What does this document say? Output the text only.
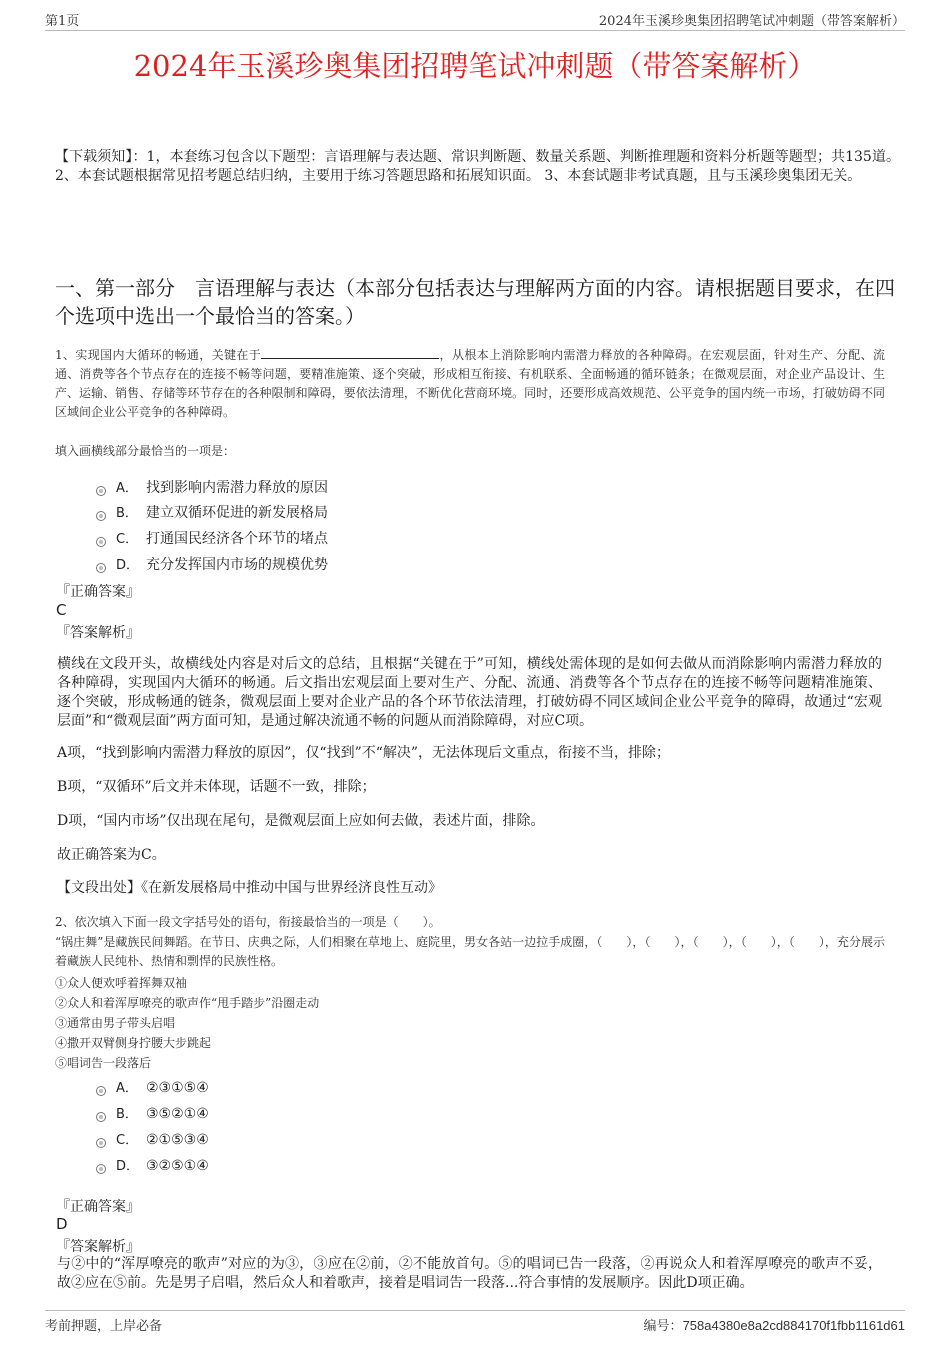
第1页	2024年玉溪珍奥集团招聘笔试冲刺题（带答案解析）
2024年玉溪珍奥集团招聘笔试冲刺题（带答案解析）
【下载须知】：1，本套练习包含以下题型：言语理解与表达题、常识判断题、数量关系题、判断推理题和资料分析题等题型；共135道。 2、本套试题根据常见招考题总结归纳，主要用于练习答题思路和拓展知识面。 3、本套试题非考试真题，且与玉溪珍奥集团无关。
一、第一部分　言语理解与表达（本部分包括表达与理解两方面的内容。请根据题目要求，在四个选项中选出一个最恰当的答案。）
1、实现国内大循环的畅通，关键在于	，从根本上消除影响内需潜力释放的各种障碍。在宏观层面，针对生产、分配、流通、消费等各个节点存在的连接不畅等问题，要精准施策、逐个突破，形成相互衔接、有机联系、全面畅通的循环链条；在微观层面，对企业产品设计、生产、运输、销售、存储等环节存在的各种限制和障碍，要依法清理，不断优化营商环境。同时，还要形成高效规范、公平竞争的国内统一市场，打破妨碍不同区域间企业公平竞争的各种障碍。
填入画横线部分最恰当的一项是：
A． 找到影响内需潜力释放的原因
B． 建立双循环促进的新发展格局
C． 打通国民经济各个环节的堵点
D． 充分发挥国内市场的规模优势
『正确答案』
C
『答案解析』
横线在文段开头，故横线处内容是对后文的总结，且根据“关键在于”可知，横线处需体现的是如何去做从而消除影响内需潜力释放的各种障碍，实现国内大循环的畅通。后文指出宏观层面上要对生产、分配、流通、消费等各个节点存在的连接不畅等问题精准施策、逐个突破，形成畅通的链条，微观层面上要对企业产品的各个环节依法清理，打破妨碍不同区域间企业公平竞争的障碍，故通过“宏观层面”和“微观层面”两方面可知，是通过解决流通不畅的问题从而消除障碍，对应C项。
A项，“找到影响内需潜力释放的原因”，仅“找到”不“解决”，无法体现后文重点，衔接不当，排除；
B项，“双循环”后文并未体现，话题不一致，排除；
D项，“国内市场”仅出现在尾句，是微观层面上应如何去做，表述片面，排除。
故正确答案为C。
【文段出处】《在新发展格局中推动中国与世界经济良性互动》
2、依次填入下面一段文字括号处的语句，衔接最恰当的一项是（　　）。
“锅庄舞”是藏族民间舞蹈。在节日、庆典之际，人们相聚在草地上、庭院里，男女各站一边拉手成圈，（　　），（　　），（　　），（　　），（　　），充分展示着藏族人民纯朴、热情和剽悍的民族性格。
①众人便欢呼着挥舞双袖
②众人和着浑厚嘹亮的歌声作“甩手踏步”沿圈走动
③通常由男子带头启唱
④撒开双臂侧身拧腰大步跳起
⑤唱词告一段落后
A． ②③①⑤④
B． ③⑤②①④
C． ②①⑤③④
D． ③②⑤①④
『正确答案』
D
『答案解析』
与②中的“浑厚嘹亮的歌声”对应的为③，③应在②前，②不能放首句。⑤的唱词已告一段落，②再说众人和着浑厚嘹亮的歌声不妥，故②应在⑤前。先是男子启唱，然后众人和着歌声，接着是唱词告一段落...符合事情的发展顺序。因此D项正确。
考前押题，上岸必备	编号：758a4380e8a2cd884170f1fbb1161d61
